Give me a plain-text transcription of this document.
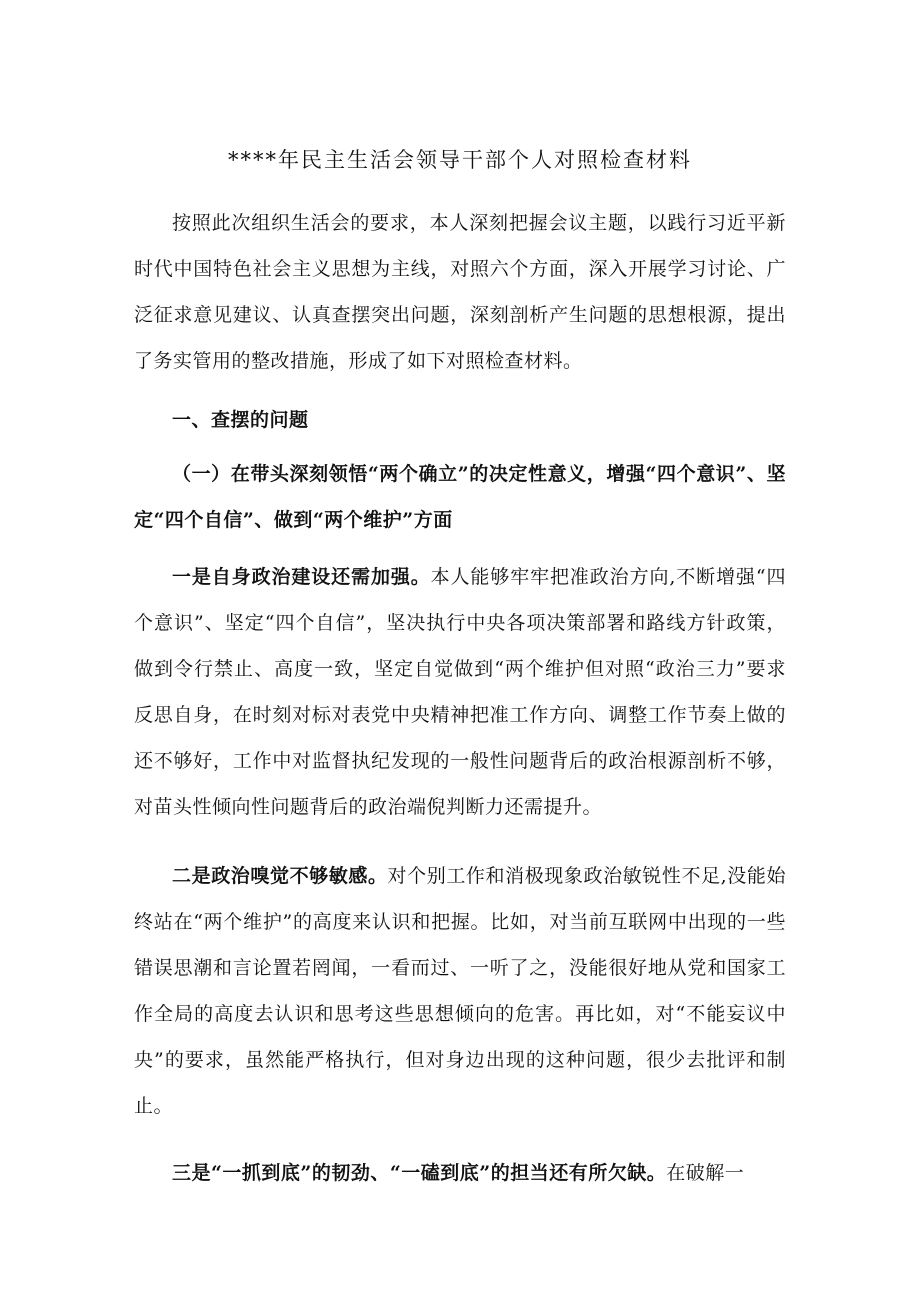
****年民主生活会领导干部个人对照检查材料

按照此次组织生活会的要求，本人深刻把握会议主题，以践行习近平新时代中国特色社会主义思想为主线，对照六个方面，深入开展学习讨论、广泛征求意见建议、认真查摆突出问题，深刻剖析产生问题的思想根源，提出了务实管用的整改措施，形成了如下对照检查材料。

一、查摆的问题

（一）在带头深刻领悟“两个确立”的决定性意义，增强“四个意识”、坚定“四个自信”、做到“两个维护”方面

一是自身政治建设还需加强。本人能够牢牢把准政治方向,不断增强“四个意识”、坚定“四个自信”，坚决执行中央各项决策部署和路线方针政策，做到令行禁止、高度一致，坚定自觉做到“两个维护但对照“政治三力”要求反思自身，在时刻对标对表党中央精神把准工作方向、调整工作节奏上做的还不够好，工作中对监督执纪发现的一般性问题背后的政治根源剖析不够，对苗头性倾向性问题背后的政治端倪判断力还需提升。

二是政治嗅觉不够敏感。对个别工作和消极现象政治敏锐性不足,没能始终站在“两个维护”的高度来认识和把握。比如，对当前互联网中出现的一些错误思潮和言论置若罔闻，一看而过、一听了之，没能很好地从党和国家工作全局的高度去认识和思考这些思想倾向的危害。再比如，对“不能妄议中央”的要求，虽然能严格执行，但对身边出现的这种问题，很少去批评和制止。

三是“一抓到底”的韧劲、“一磕到底”的担当还有所欠缺。在破解一
